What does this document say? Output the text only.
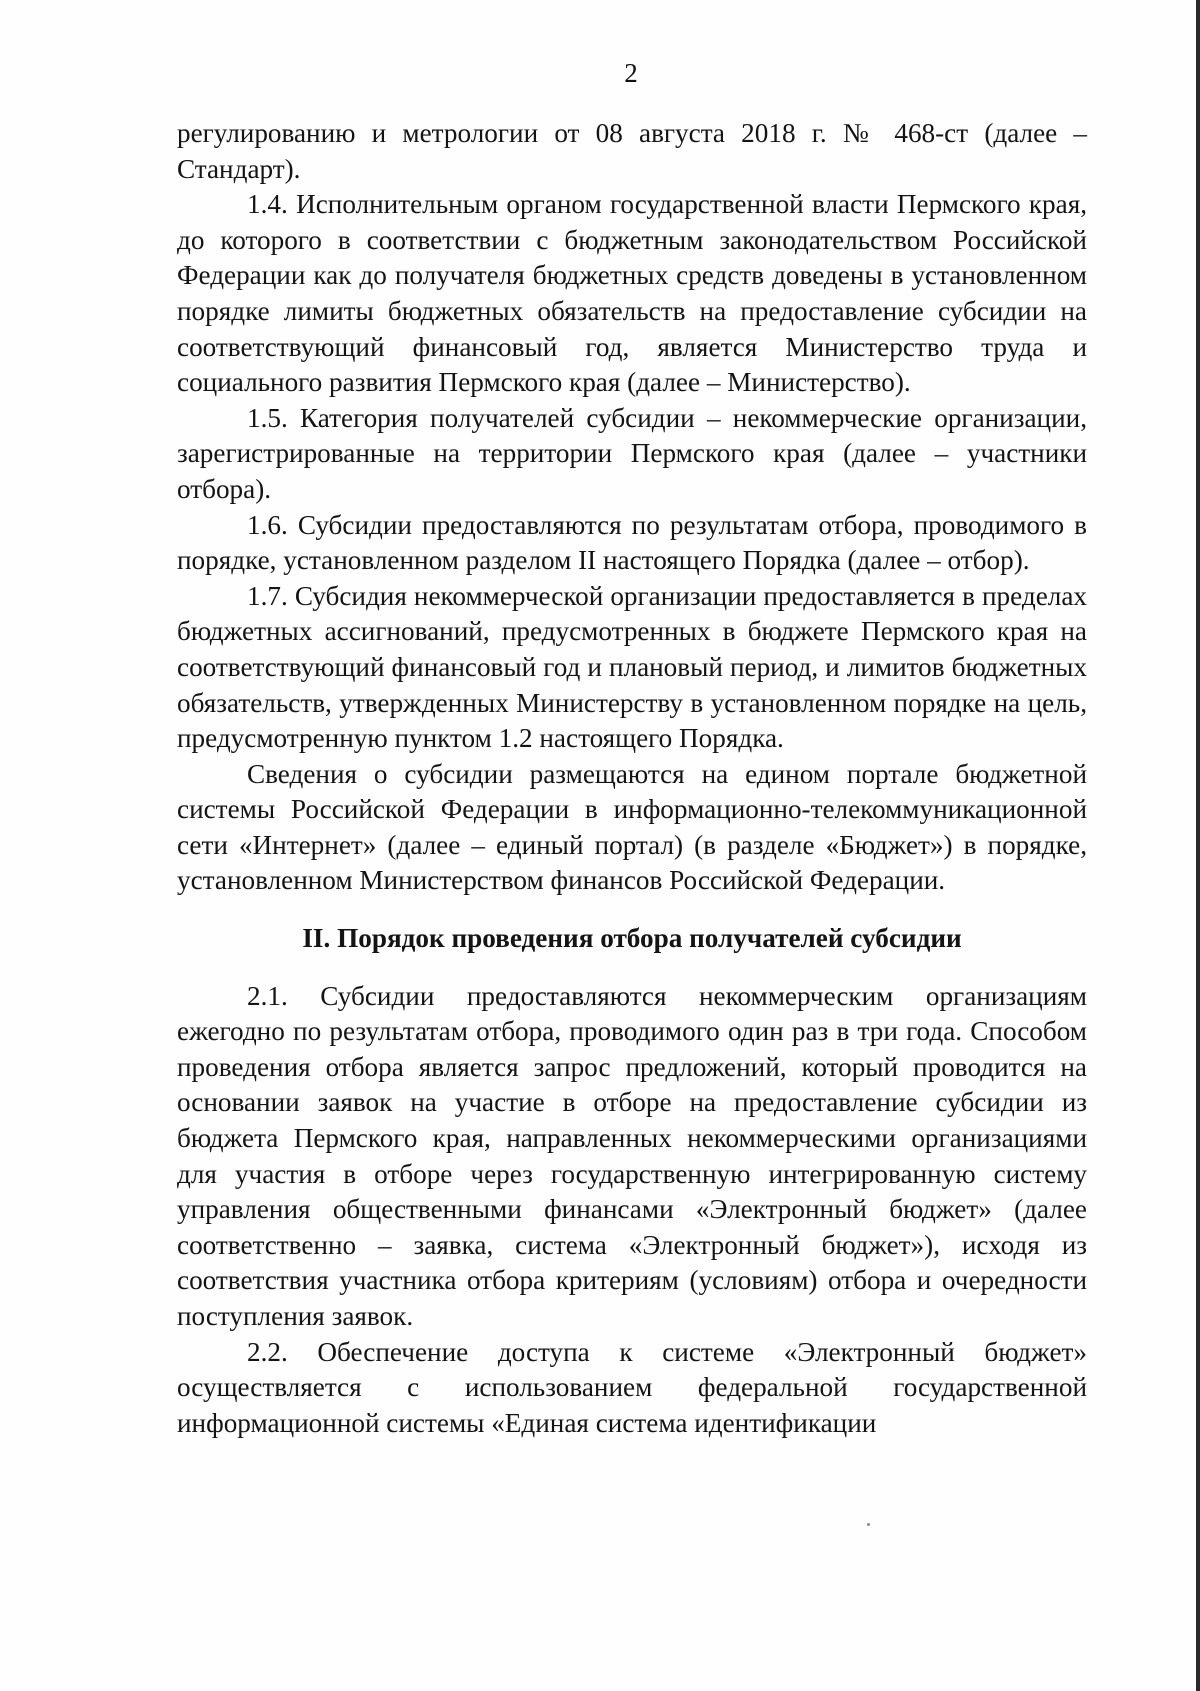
2

регулированию и метрологии от 08 августа 2018 г. № 468-ст (далее – Стандарт).

1.4. Исполнительным органом государственной власти Пермского края, до которого в соответствии с бюджетным законодательством Российской Федерации как до получателя бюджетных средств доведены в установленном порядке лимиты бюджетных обязательств на предоставление субсидии на соответствующий финансовый год, является Министерство труда и социального развития Пермского края (далее – Министерство).

1.5. Категория получателей субсидии – некоммерческие организации, зарегистрированные на территории Пермского края (далее – участники отбора).

1.6. Субсидии предоставляются по результатам отбора, проводимого в порядке, установленном разделом II настоящего Порядка (далее – отбор).

1.7. Субсидия некоммерческой организации предоставляется в пределах бюджетных ассигнований, предусмотренных в бюджете Пермского края на соответствующий финансовый год и плановый период, и лимитов бюджетных обязательств, утвержденных Министерству в установленном порядке на цель, предусмотренную пунктом 1.2 настоящего Порядка.

Сведения о субсидии размещаются на едином портале бюджетной системы Российской Федерации в информационно-телекоммуникационной сети «Интернет» (далее – единый портал) (в разделе «Бюджет») в порядке, установленном Министерством финансов Российской Федерации.

II. Порядок проведения отбора получателей субсидии

2.1. Субсидии предоставляются некоммерческим организациям ежегодно по результатам отбора, проводимого один раз в три года. Способом проведения отбора является запрос предложений, который проводится на основании заявок на участие в отборе на предоставление субсидии из бюджета Пермского края, направленных некоммерческими организациями для участия в отборе через государственную интегрированную систему управления общественными финансами «Электронный бюджет» (далее соответственно – заявка, система «Электронный бюджет»), исходя из соответствия участника отбора критериям (условиям) отбора и очередности поступления заявок.

2.2. Обеспечение доступа к системе «Электронный бюджет» осуществляется с использованием федеральной государственной информационной системы «Единая система идентификации
